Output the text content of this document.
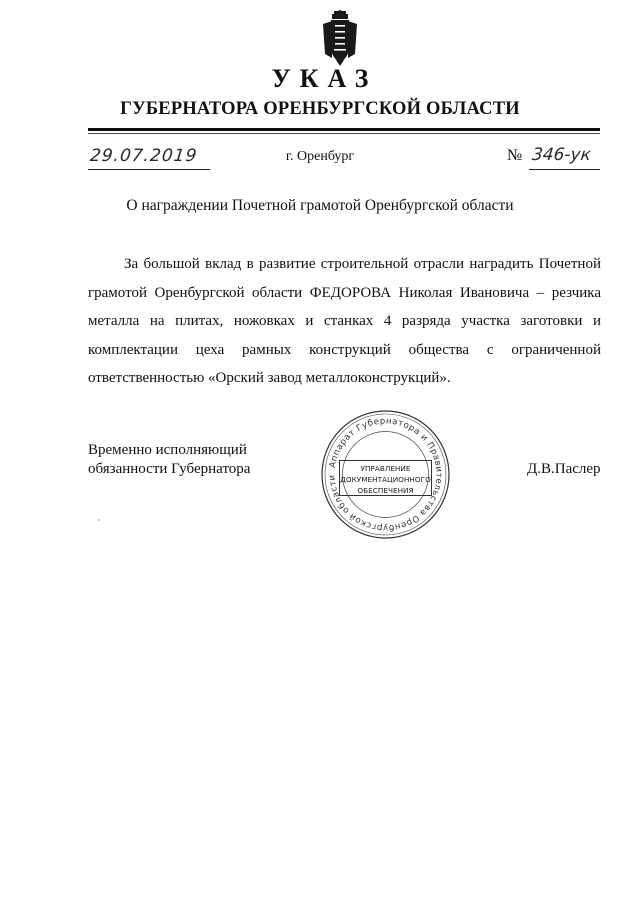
УКАЗ
ГУБЕРНАТОРА ОРЕНБУРГСКОЙ ОБЛАСТИ
29.07.2019	г. Оренбург	№ 346-ук
О награждении Почетной грамотой Оренбургской области

За большой вклад в развитие строительной отрасли наградить Почетной грамотой Оренбургской области ФЕДОРОВА Николая Ивановича – резчика металла на плитах, ножовках и станках 4 разряда участка заготовки и комплектации цеха рамных конструкций общества с ограниченной ответственностью «Орский завод металлоконструкций».

Временно исполняющий
обязанности Губернатора	Д.В.Паслер
Аппарат Губернатора и Правительства Оренбургской области
УПРАВЛЕНИЕ
ДОКУМЕНТАЦИОННОГО
ОБЕСПЕЧЕНИЯ
